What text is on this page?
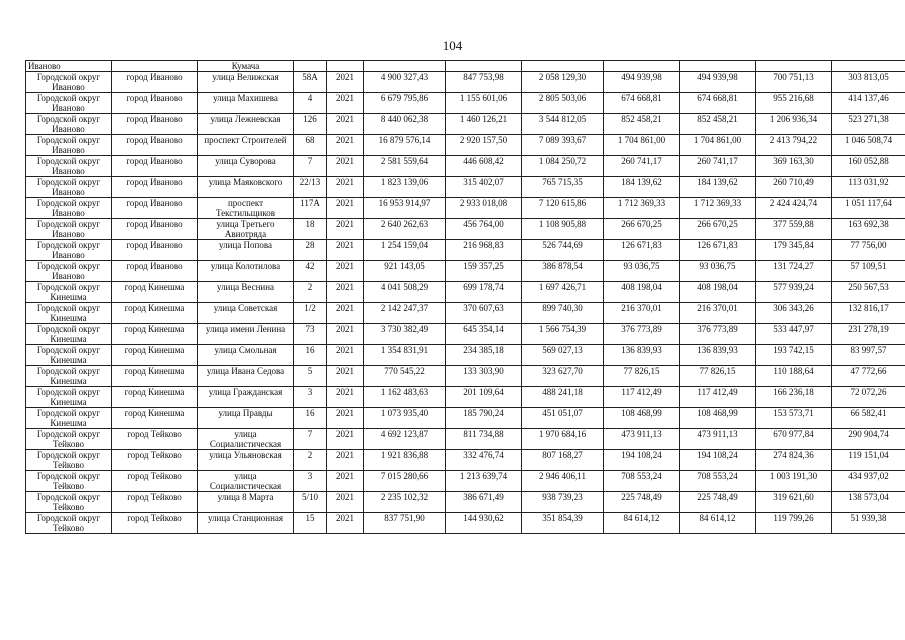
104
Иваново		Кумача									
Городской округ Иваново	город Иваново	улица Велижская	58А	2021	4 900 327,43	847 753,98	2 058 129,30	494 939,98	494 939,98	700 751,13	303 813,05
Городской округ Иваново	город Иваново	улица Махишева	4	2021	6 679 795,86	1 155 601,06	2 805 503,06	674 668,81	674 668,81	955 216,68	414 137,46
Городской округ Иваново	город Иваново	улица Лежневская	126	2021	8 440 062,38	1 460 126,21	3 544 812,05	852 458,21	852 458,21	1 206 936,34	523 271,38
Городской округ Иваново	город Иваново	проспект Строителей	68	2021	16 879 576,14	2 920 157,50	7 089 393,67	1 704 861,00	1 704 861,00	2 413 794,22	1 046 508,74
Городской округ Иваново	город Иваново	улица Суворова	7	2021	2 581 559,64	446 608,42	1 084 250,72	260 741,17	260 741,17	369 163,30	160 052,88
Городской округ Иваново	город Иваново	улица Маяковского	22/13	2021	1 823 139,06	315 402,07	765 715,35	184 139,62	184 139,62	260 710,49	113 031,92
Городской округ Иваново	город Иваново	проспект Текстильщиков	117А	2021	16 953 914,97	2 933 018,08	7 120 615,86	1 712 369,33	1 712 369,33	2 424 424,74	1 051 117,64
Городской округ Иваново	город Иваново	улица Третьего Авиотряда	18	2021	2 640 262,63	456 764,00	1 108 905,88	266 670,25	266 670,25	377 559,88	163 692,38
Городской округ Иваново	город Иваново	улица Попова	28	2021	1 254 159,04	216 968,83	526 744,69	126 671,83	126 671,83	179 345,84	77 756,00
Городской округ Иваново	город Иваново	улица Колотилова	42	2021	921 143,05	159 357,25	386 878,54	93 036,75	93 036,75	131 724,27	57 109,51
Городской округ Кинешма	город Кинешма	улица Веснина	2	2021	4 041 508,29	699 178,74	1 697 426,71	408 198,04	408 198,04	577 939,24	250 567,53
Городской округ Кинешма	город Кинешма	улица Советская	1/2	2021	2 142 247,37	370 607,63	899 740,30	216 370,01	216 370,01	306 343,26	132 816,17
Городской округ Кинешма	город Кинешма	улица имени Ленина	73	2021	3 730 382,49	645 354,14	1 566 754,39	376 773,89	376 773,89	533 447,97	231 278,19
Городской округ Кинешма	город Кинешма	улица Смольная	16	2021	1 354 831,91	234 385,18	569 027,13	136 839,93	136 839,93	193 742,15	83 997,57
Городской округ Кинешма	город Кинешма	улица Ивана Седова	5	2021	770 545,22	133 303,90	323 627,70	77 826,15	77 826,15	110 188,64	47 772,66
Городской округ Кинешма	город Кинешма	улица Гражданская	3	2021	1 162 483,63	201 109,64	488 241,18	117 412,49	117 412,49	166 236,18	72 072,26
Городской округ Кинешма	город Кинешма	улица Правды	16	2021	1 073 935,40	185 790,24	451 051,07	108 468,99	108 468,99	153 573,71	66 582,41
Городской округ Тейково	город Тейково	улица Социалистическая	7	2021	4 692 123,87	811 734,88	1 970 684,16	473 911,13	473 911,13	670 977,84	290 904,74
Городской округ Тейково	город Тейково	улица Ульяновская	2	2021	1 921 836,88	332 476,74	807 168,27	194 108,24	194 108,24	274 824,36	119 151,04
Городской округ Тейково	город Тейково	улица Социалистическая	3	2021	7 015 280,66	1 213 639,74	2 946 406,11	708 553,24	708 553,24	1 003 191,30	434 937,02
Городской округ Тейково	город Тейково	улица 8 Марта	5/10	2021	2 235 102,32	386 671,49	938 739,23	225 748,49	225 748,49	319 621,60	138 573,04
Городской округ Тейково	город Тейково	улица Станционная	15	2021	837 751,90	144 930,62	351 854,39	84 614,12	84 614,12	119 799,26	51 939,38
